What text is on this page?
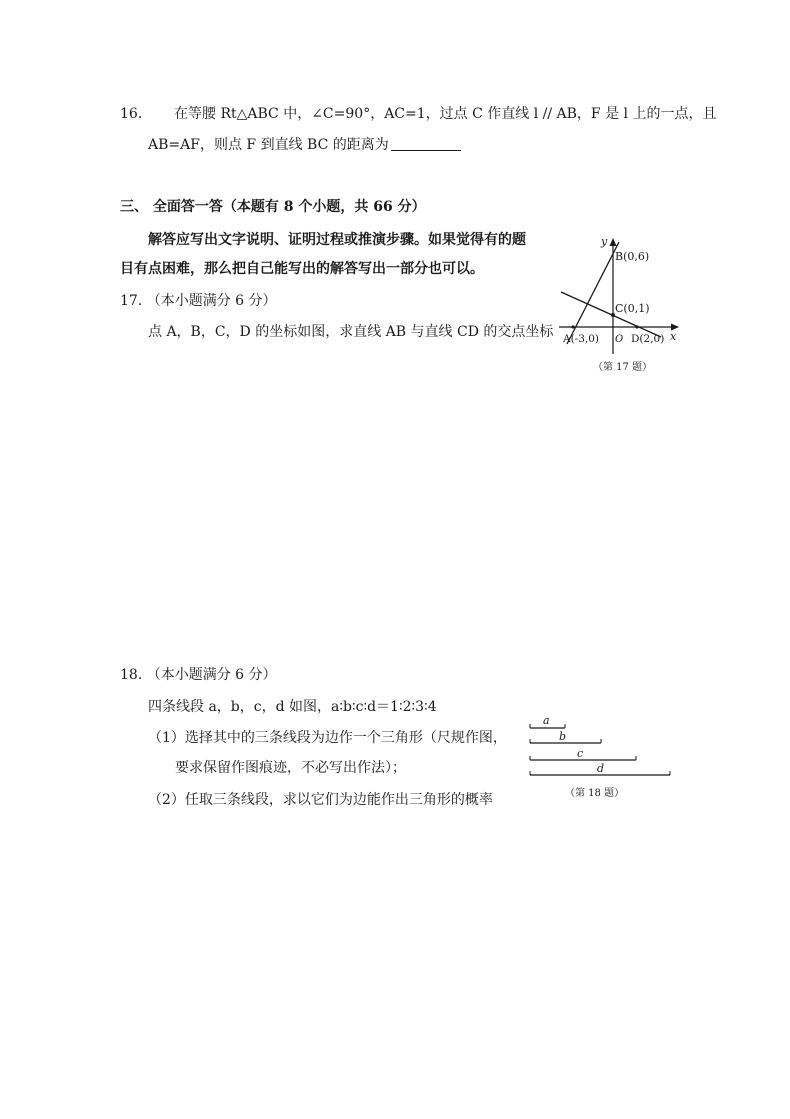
16. 在等腰 Rt△ABC 中，∠C=90°，AC=1，过点 C 作直线 l // AB，F 是 l 上的一点，且
AB=AF，则点 F 到直线 BC 的距离为
三、 全面答一答（本题有 8 个小题，共 66 分）
解答应写出文字说明、证明过程或推演步骤。如果觉得有的题
目有点困难，那么把自己能写出的解答写出一部分也可以。
17. （本小题满分 6 分）
点 A，B，C，D 的坐标如图，求直线 AB 与直线 CD 的交点坐标
y
x
B(0,6)
C(0,1)
O
A(-3,0)	D(2,0)
（第 17 题）
18. （本小题满分 6 分）
四条线段 a，b，c，d 如图，a∶b∶c∶d＝1∶2∶3∶4
（1）选择其中的三条线段为边作一个三角形（尺规作图，
要求保留作图痕迹，不必写出作法）；
（2）任取三条线段，求以它们为边能作出三角形的概率
a
b
c
d
（第 18 题）
